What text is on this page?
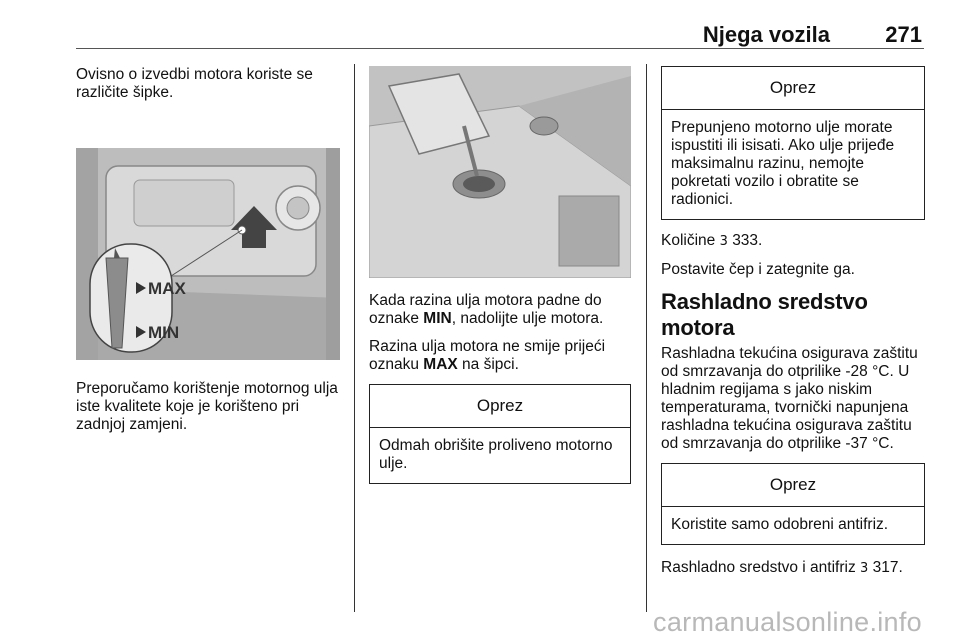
Njega vozila	271

Ovisno o izvedbi motora koriste se različite šipke.

MAX
MIN

Preporučamo korištenje motornog ulja iste kvalitete koje je korišteno pri zadnjoj zamjeni.

Kada razina ulja motora padne do oznake MIN, nadolijte ulje motora.

Razina ulja motora ne smije prijeći oznaku MAX na šipci.

Oprez
Odmah obrišite proliveno motorno ulje.
Oprez
Prepunjeno motorno ulje morate ispustiti ili isisati. Ako ulje prijeđe maksimalnu razinu, nemojte pokretati vozilo i obratite se radionici.

Količine 3 333.

Postavite čep i zategnite ga.

Rashladno sredstvo motora

Rashladna tekućina osigurava zaštitu od smrzavanja do otprilike -28 °C. U hladnim regijama s jako niskim temperaturama, tvornički napunjena rashladna tekućina osigurava zaštitu od smrzavanja do otprilike -37 °C.

Oprez
Koristite samo odobreni antifriz.

Rashladno sredstvo i antifriz 3 317.

carmanualsonline.info
